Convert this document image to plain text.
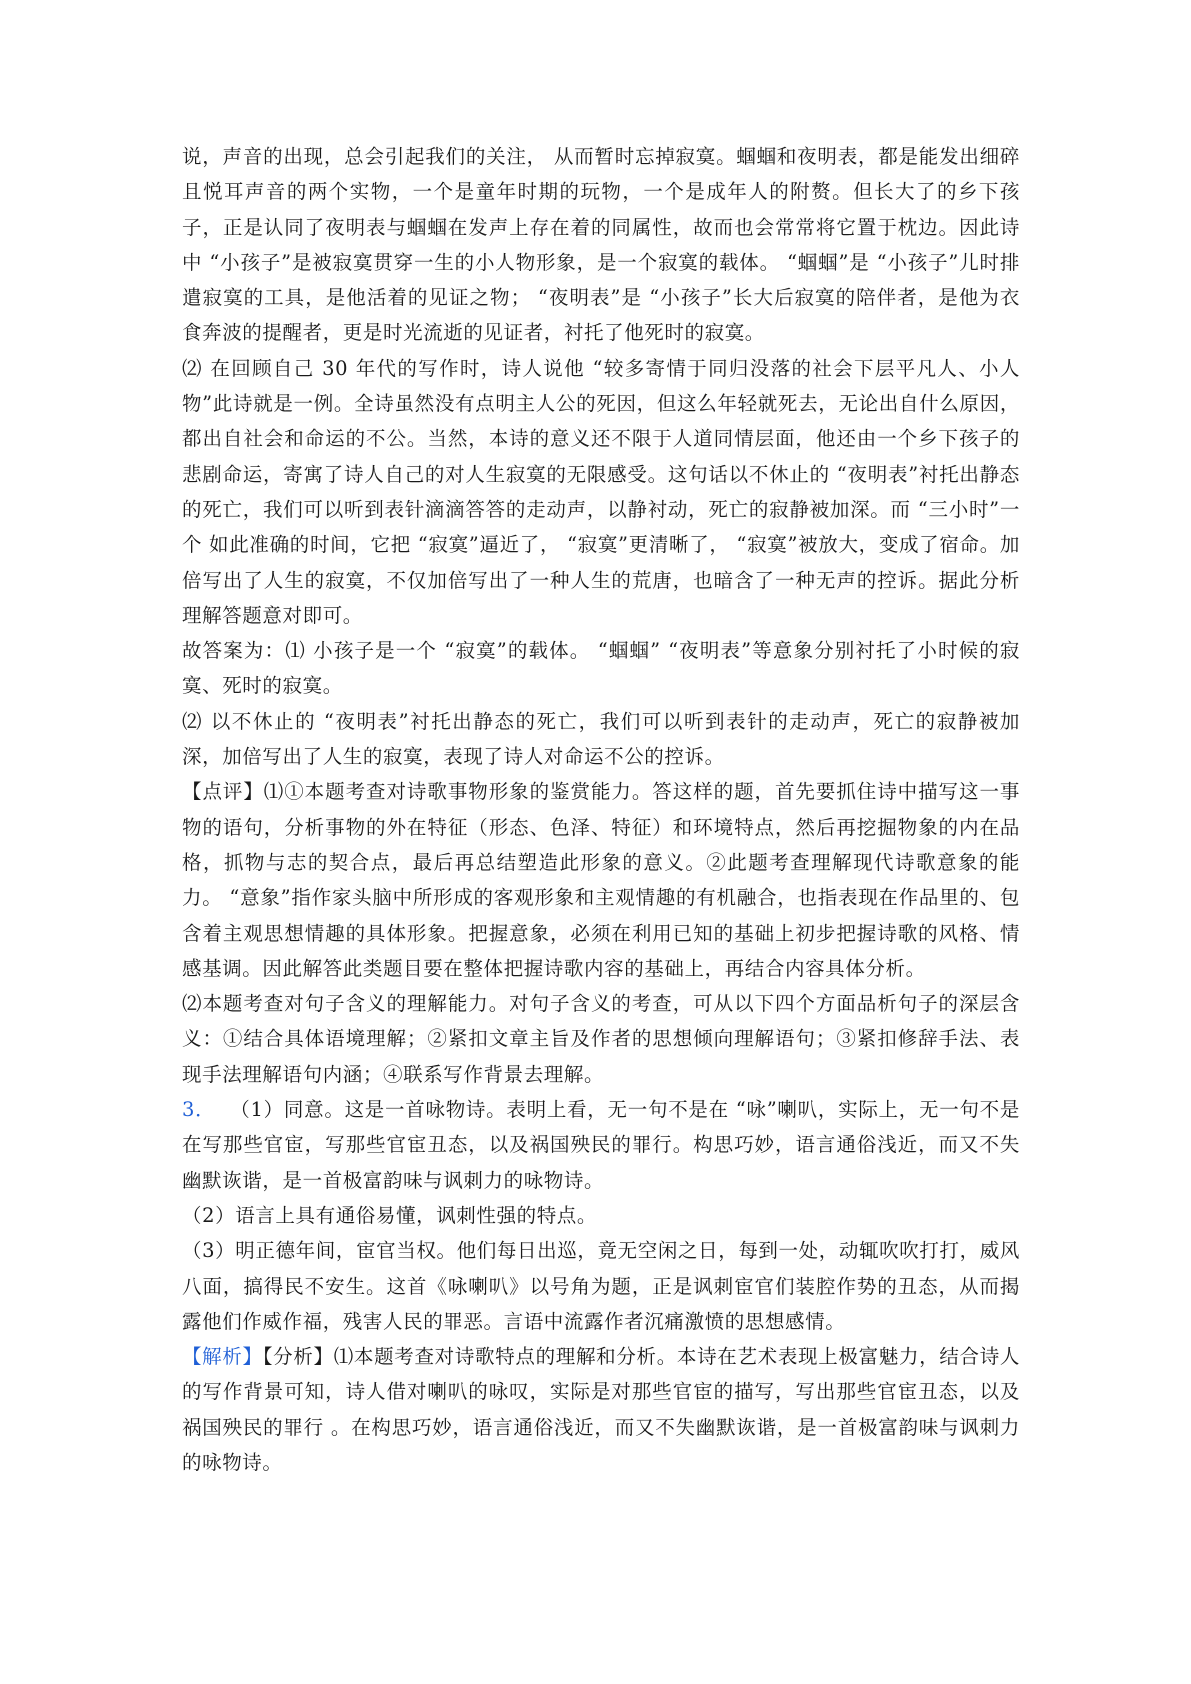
说，声音的出现，总会引起我们的关注， 从而暂时忘掉寂寞。蝈蝈和夜明表，都是能发出细碎且悦耳声音的两个实物，一个是童年时期的玩物，一个是成年人的附赘。但长大了的乡下孩子，正是认同了夜明表与蝈蝈在发声上存在着的同属性，故而也会常常将它置于枕边。因此诗中 “小孩子”是被寂寞贯穿一生的小人物形象，是一个寂寞的载体。 “蝈蝈”是 “小孩子”儿时排遣寂寞的工具，是他活着的见证之物； “夜明表”是 “小孩子”长大后寂寞的陪伴者，是他为衣食奔波的提醒者，更是时光流逝的见证者，衬托了他死时的寂寞。

⑵ 在回顾自己 30 年代的写作时，诗人说他 “较多寄情于同归没落的社会下层平凡人、小人物”此诗就是一例。全诗虽然没有点明主人公的死因，但这么年轻就死去，无论出自什么原因，都出自社会和命运的不公。当然，本诗的意义还不限于人道同情层面，他还由一个乡下孩子的悲剧命运，寄寓了诗人自己的对人生寂寞的无限感受。这句话以不休止的 “夜明表”衬托出静态的死亡，我们可以听到表针滴滴答答的走动声，以静衬动，死亡的寂静被加深。而 “三小时”一个 如此准确的时间，它把 “寂寞”逼近了， “寂寞”更清晰了， “寂寞”被放大，变成了宿命。加倍写出了人生的寂寞，不仅加倍写出了一种人生的荒唐，也暗含了一种无声的控诉。据此分析理解答题意对即可。

故答案为：⑴ 小孩子是一个 “寂寞”的载体。 “蝈蝈” “夜明表”等意象分别衬托了小时候的寂寞、死时的寂寞。

⑵ 以不休止的 “夜明表”衬托出静态的死亡，我们可以听到表针的走动声，死亡的寂静被加深，加倍写出了人生的寂寞，表现了诗人对命运不公的控诉。

【点评】⑴①本题考查对诗歌事物形象的鉴赏能力。答这样的题，首先要抓住诗中描写这一事物的语句，分析事物的外在特征（形态、色泽、特征）和环境特点，然后再挖掘物象的内在品格，抓物与志的契合点，最后再总结塑造此形象的意义。②此题考查理解现代诗歌意象的能力。 “意象”指作家头脑中所形成的客观形象和主观情趣的有机融合，也指表现在作品里的、包含着主观思想情趣的具体形象。把握意象，必须在利用已知的基础上初步把握诗歌的风格、情感基调。因此解答此类题目要在整体把握诗歌内容的基础上，再结合内容具体分析。

⑵本题考查对句子含义的理解能力。对句子含义的考查，可从以下四个方面品析句子的深层含义：①结合具体语境理解；②紧扣文章主旨及作者的思想倾向理解语句；③紧扣修辞手法、表现手法理解语句内涵；④联系写作背景去理解。

3． （1）同意。这是一首咏物诗。表明上看，无一句不是在 “咏”喇叭，实际上，无一句不是在写那些官宦，写那些官宦丑态，以及祸国殃民的罪行。构思巧妙，语言通俗浅近，而又不失幽默诙谐，是一首极富韵味与讽刺力的咏物诗。

（2）语言上具有通俗易懂，讽刺性强的特点。

（3）明正德年间，宦官当权。他们每日出巡，竟无空闲之日，每到一处，动辄吹吹打打，威风八面，搞得民不安生。这首《咏喇叭》以号角为题，正是讽刺宦官们装腔作势的丑态，从而揭露他们作威作福，残害人民的罪恶。言语中流露作者沉痛激愤的思想感情。

【解析】【分析】⑴本题考查对诗歌特点的理解和分析。本诗在艺术表现上极富魅力，结合诗人的写作背景可知，诗人借对喇叭的咏叹，实际是对那些官宦的描写，写出那些官宦丑态，以及祸国殃民的罪行 。在构思巧妙，语言通俗浅近，而又不失幽默诙谐，是一首极富韵味与讽刺力的咏物诗。
